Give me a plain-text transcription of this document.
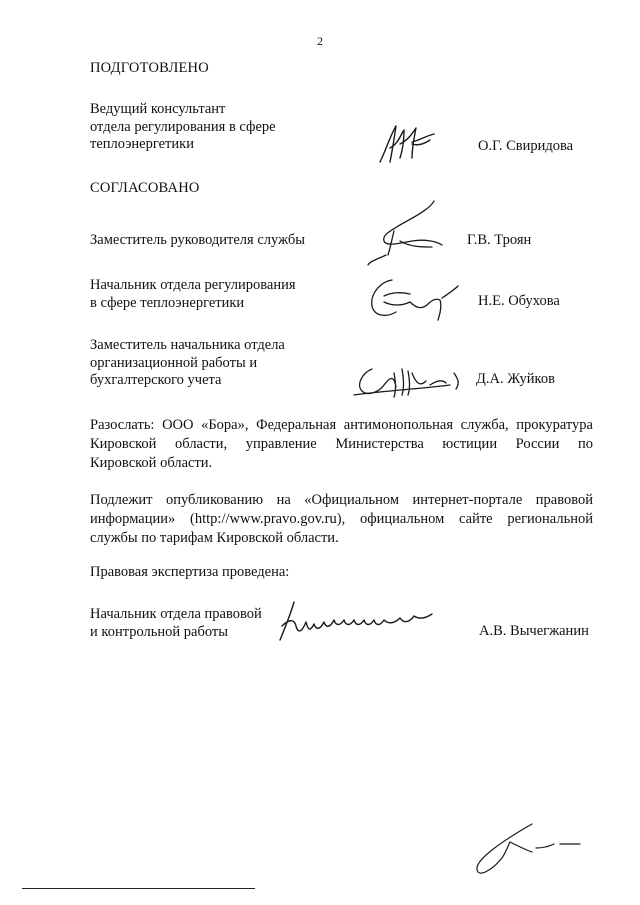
2
ПОДГОТОВЛЕНО
Ведущий консультант
отдела регулирования в сфере
теплоэнергетики	О.Г. Свиридова
СОГЛАСОВАНО
Заместитель руководителя службы	Г.В. Троян
Начальник отдела регулирования
в сфере теплоэнергетики	Н.Е. Обухова
Заместитель начальника отдела
организационной работы и
бухгалтерского учета	Д.А. Жуйков
Разослать: ООО «Бора», Федеральная антимонопольная служба, прокуратура
Кировской области, управление Министерства юстиции России по
Кировской области.
Подлежит опубликованию на «Официальном интернет-портале правовой
информации» (http://www.pravo.gov.ru), официальном сайте региональной
службы по тарифам Кировской области.
Правовая экспертиза проведена:
Начальник отдела правовой
и контрольной работы	А.В. Вычегжанин
